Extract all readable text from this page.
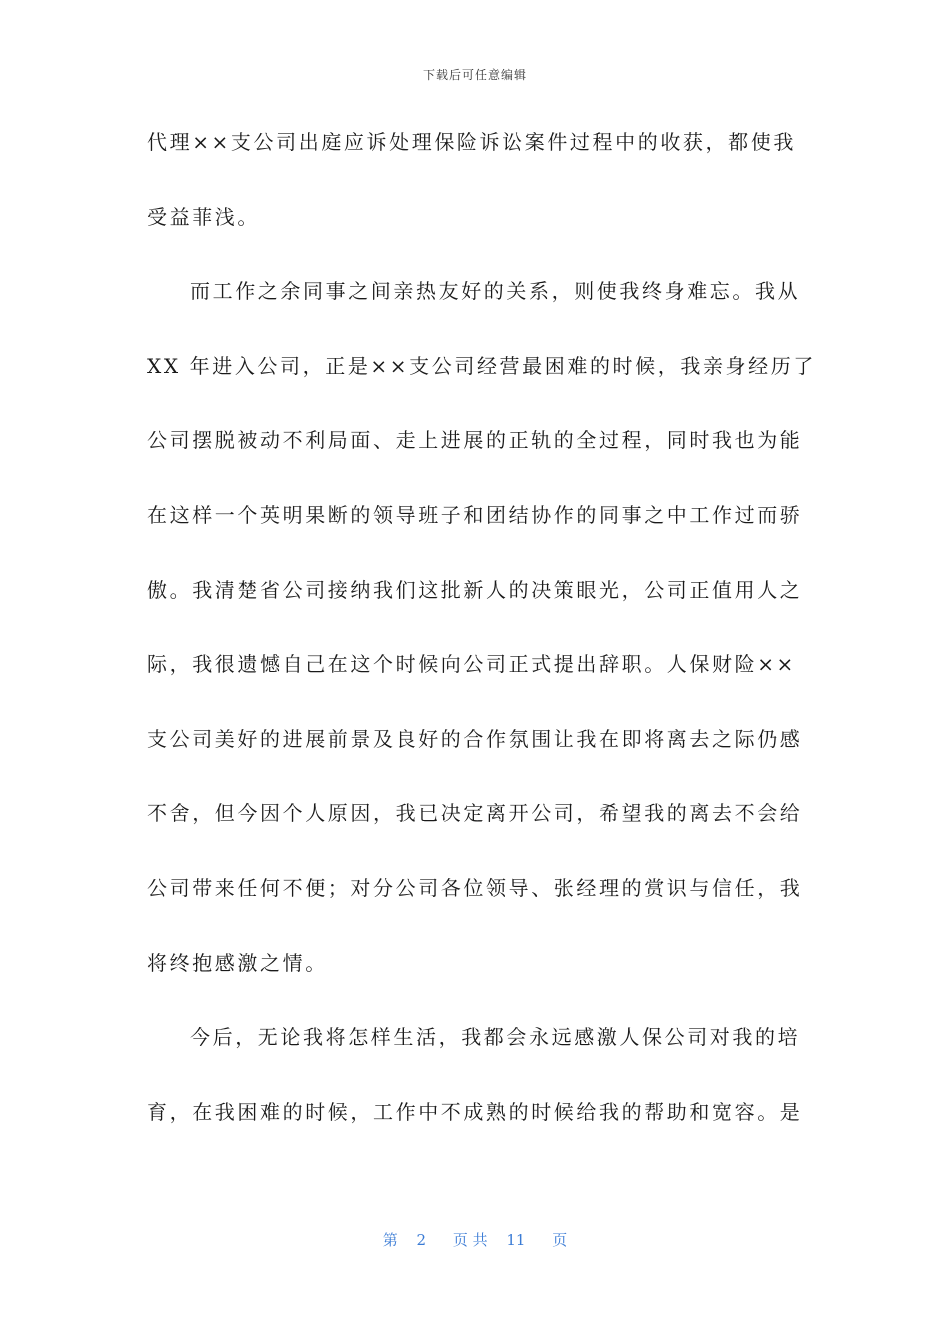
下载后可任意编辑
代理××支公司出庭应诉处理保险诉讼案件过程中的收获，都使我
受益菲浅。
而工作之余同事之间亲热友好的关系，则使我终身难忘。我从
XX 年进入公司，正是××支公司经营最困难的时候，我亲身经历了
公司摆脱被动不利局面、走上进展的正轨的全过程，同时我也为能
在这样一个英明果断的领导班子和团结协作的同事之中工作过而骄
傲。我清楚省公司接纳我们这批新人的决策眼光，公司正值用人之
际，我很遗憾自己在这个时候向公司正式提出辞职。人保财险××
支公司美好的进展前景及良好的合作氛围让我在即将离去之际仍感
不舍，但今因个人原因，我已决定离开公司，希望我的离去不会给
公司带来任何不便；对分公司各位领导、张经理的赏识与信任，我
将终抱感激之情。
今后，无论我将怎样生活，我都会永远感激人保公司对我的培
育，在我困难的时候，工作中不成熟的时候给我的帮助和宽容。是
第 2 页 共 11 页
